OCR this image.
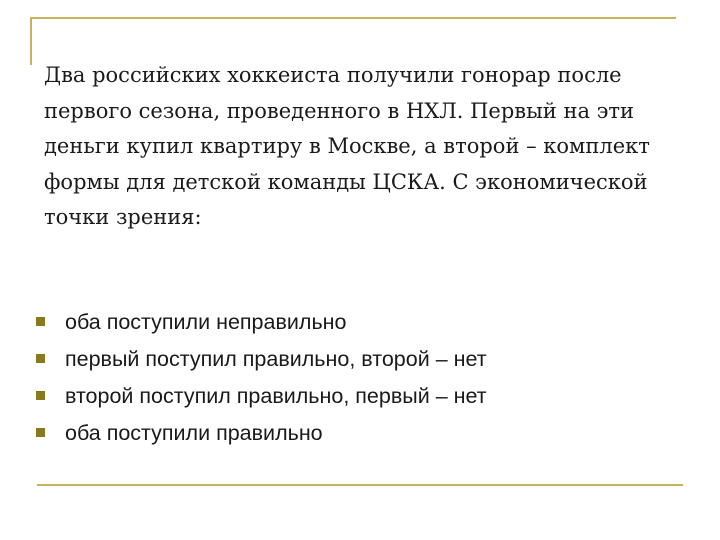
Два российских хоккеиста получили гонорар после первого сезона, проведенного в НХЛ. Первый на эти деньги купил квартиру в Москве, а второй – комплект формы для детской команды ЦСКА. С экономической точки зрения:

оба поступили неправильно
первый поступил правильно, второй – нет
второй поступил правильно, первый – нет
оба поступили правильно
